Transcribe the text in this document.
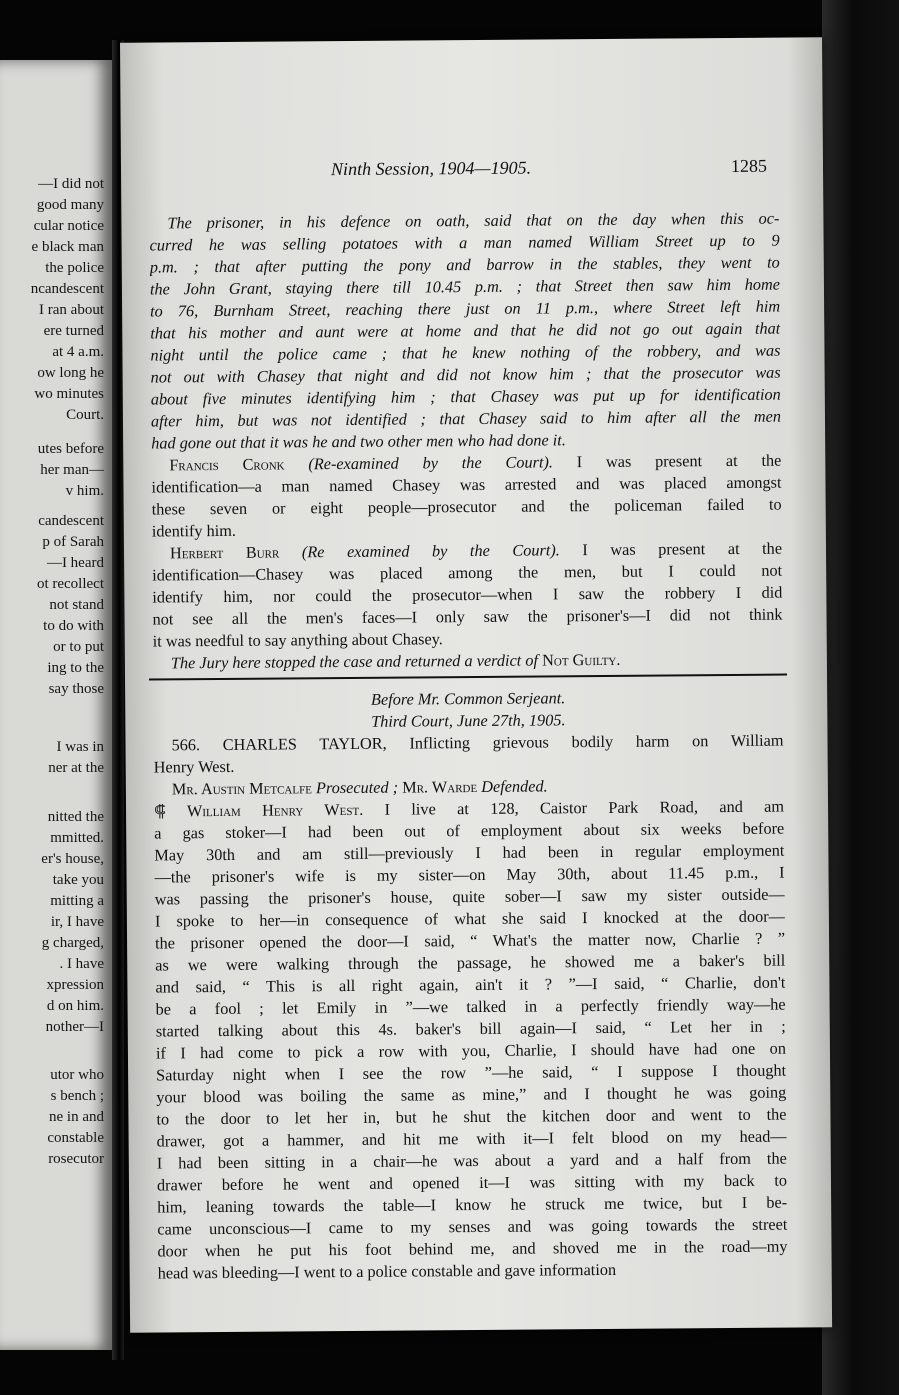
—I did not
good many
cular notice
e black man
the police
ncandescent
I ran about
ere turned
at 4 a.m.
ow long he
wo minutes
Court.
utes before
her man—
v him.
candescent
p of Sarah
—I heard
ot recollect
not stand
to do with
or to put
ing to the
say those
I was in
ner at the
nitted the
mmitted.
er's house,
take you
mitting a
ir, I have
g charged,
. I have
xpression
d on him.
nother—I
utor who
s bench ;
ne in and
constable
rosecutor
Ninth Session, 1904—1905.	1285
The prisoner, in his defence on oath, said that on the day when this oc-
curred he was selling potatoes with a man named William Street up to 9
p.m. ; that after putting the pony and barrow in the stables, they went to
the John Grant, staying there till 10.45 p.m. ; that Street then saw him home
to 76, Burnham Street, reaching there just on 11 p.m., where Street left him
that his mother and aunt were at home and that he did not go out again that
night until the police came ; that he knew nothing of the robbery, and was
not out with Chasey that night and did not know him ; that the prosecutor was
about five minutes identifying him ; that Chasey was put up for identification
after him, but was not identified ; that Chasey said to him after all the men
had gone out that it was he and two other men who had done it.
Francis Cronk (Re-examined by the Court). I was present at the
identification—a man named Chasey was arrested and was placed amongst
these seven or eight people—prosecutor and the policeman failed to
identify him.
Herbert Burr (Re examined by the Court). I was present at the
identification—Chasey was placed among the men, but I could not
identify him, nor could the prosecutor—when I saw the robbery I did
not see all the men's faces—I only saw the prisoner's—I did not think
it was needful to say anything about Chasey.
The Jury here stopped the case and returned a verdict of Not Guilty.
Before Mr. Common Serjeant.
Third Court, June 27th, 1905.
566. CHARLES TAYLOR, Inflicting grievous bodily harm on William
Henry West.
Mr. Austin Metcalfe Prosecuted ; Mr. Warde Defended.
⸿ William Henry West. I live at 128, Caistor Park Road, and am
a gas stoker—I had been out of employment about six weeks before
May 30th and am still—previously I had been in regular employment
—the prisoner's wife is my sister—on May 30th, about 11.45 p.m., I
was passing the prisoner's house, quite sober—I saw my sister outside—
I spoke to her—in consequence of what she said I knocked at the door—
the prisoner opened the door—I said, “ What's the matter now, Charlie ? ”
as we were walking through the passage, he showed me a baker's bill
and said, “ This is all right again, ain't it ? ”—I said, “ Charlie, don't
be a fool ; let Emily in ”—we talked in a perfectly friendly way—he
started talking about this 4s. baker's bill again—I said, “ Let her in ;
if I had come to pick a row with you, Charlie, I should have had one on
Saturday night when I see the row ”—he said, “ I suppose I thought
your blood was boiling the same as mine,” and I thought he was going
to the door to let her in, but he shut the kitchen door and went to the
drawer, got a hammer, and hit me with it—I felt blood on my head—
I had been sitting in a chair—he was about a yard and a half from the
drawer before he went and opened it—I was sitting with my back to
him, leaning towards the table—I know he struck me twice, but I be-
came unconscious—I came to my senses and was going towards the street
door when he put his foot behind me, and shoved me in the road—my
head was bleeding—I went to a police constable and gave information
